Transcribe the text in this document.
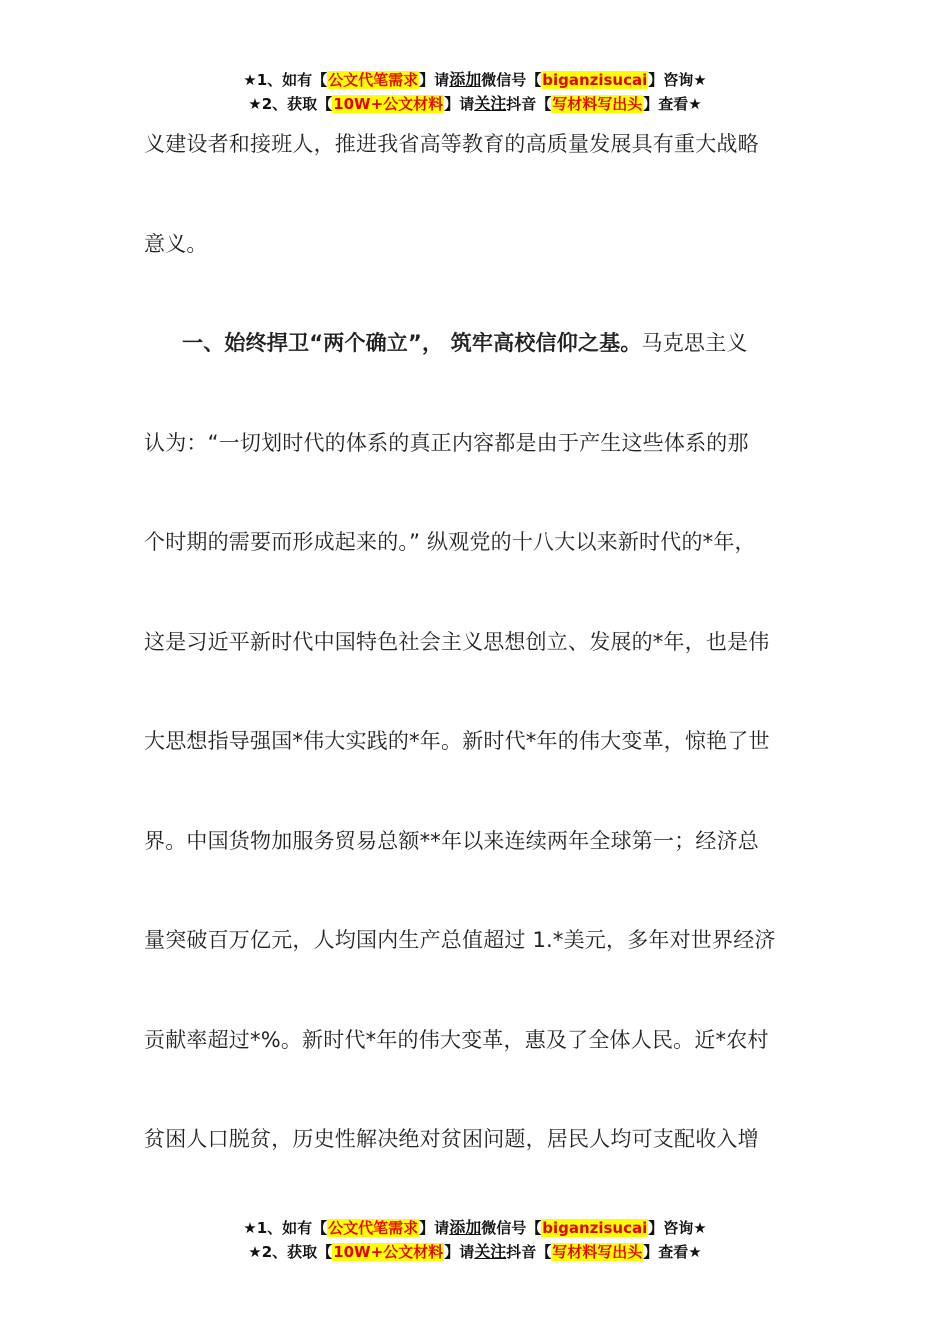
★1、如有【公文代笔需求】请添加微信号【biganzisucai】咨询★
★2、获取【10W+公文材料】请关注抖音【写材料写出头】查看★
义建设者和接班人，推进我省高等教育的高质量发展具有重大战略
意义。
一、始终捍卫“两个确立”， 筑牢高校信仰之基。马克思主义
认为：“一切划时代的体系的真正内容都是由于产生这些体系的那
个时期的需要而形成起来的。” 纵观党的十八大以来新时代的*年，
这是习近平新时代中国特色社会主义思想创立、发展的*年，也是伟
大思想指导强国*伟大实践的*年。新时代*年的伟大变革，惊艳了世
界。中国货物加服务贸易总额**年以来连续两年全球第一；经济总
量突破百万亿元，人均国内生产总值超过 1.*美元，多年对世界经济
贡献率超过*%。新时代*年的伟大变革，惠及了全体人民。近*农村
贫困人口脱贫，历史性解决绝对贫困问题，居民人均可支配收入增
★1、如有【公文代笔需求】请添加微信号【biganzisucai】咨询★
★2、获取【10W+公文材料】请关注抖音【写材料写出头】查看★
